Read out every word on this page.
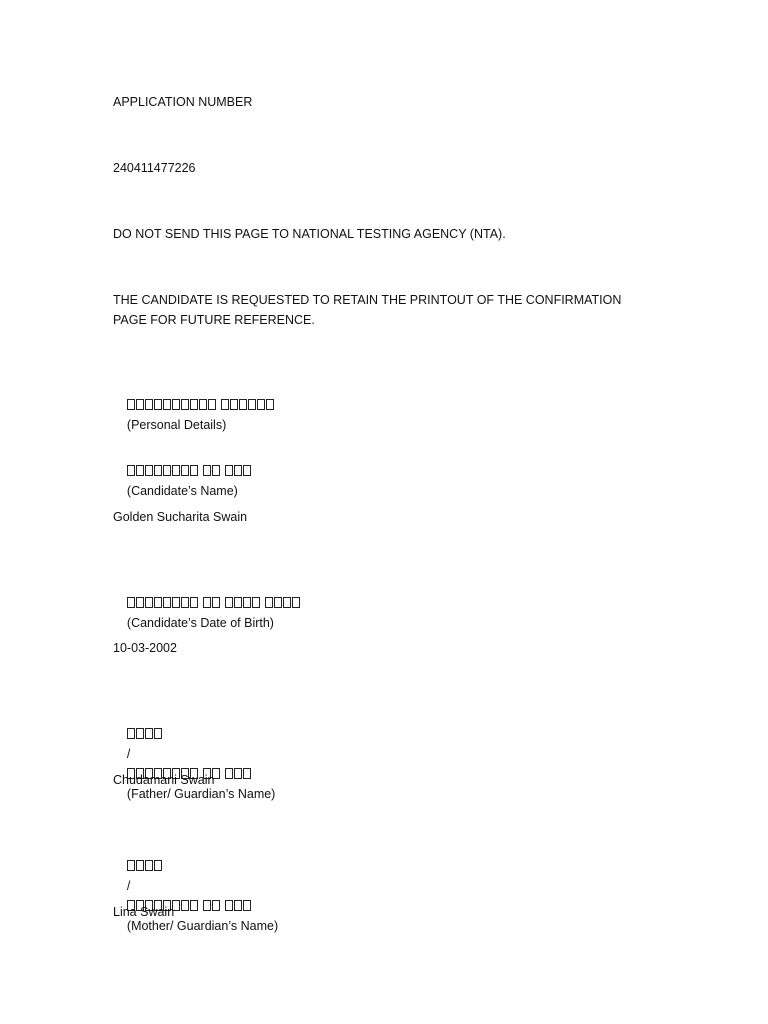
APPLICATION NUMBER
240411477226
DO NOT SEND THIS PAGE TO NATIONAL TESTING AGENCY (NTA).
THE CANDIDATE IS REQUESTED TO RETAIN THE PRINTOUT OF THE CONFIRMATION PAGE FOR FUTURE REFERENCE.

(Personal Details)

(Candidate’s Name)

Golden Sucharita Swain

(Candidate’s Date of Birth)

10-03-2002

/

(Father/ Guardian’s Name)

Chudamani Swain

/

(Mother/ Guardian’s Name)

Lina Swain
